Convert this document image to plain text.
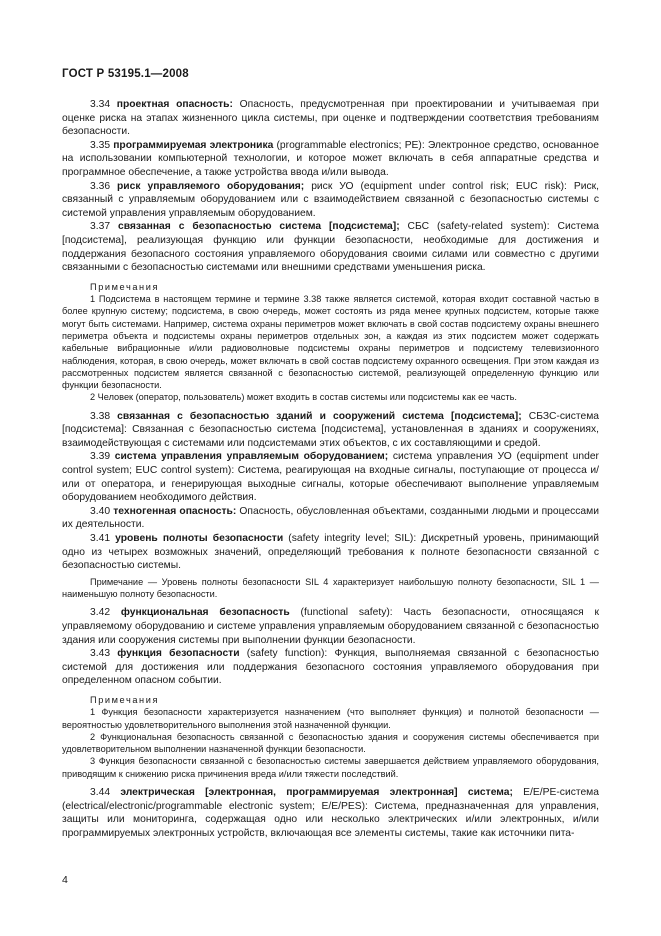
ГОСТ Р 53195.1—2008

3.34 проектная опасность: Опасность, предусмотренная при проектировании и учитываемая при оценке риска на этапах жизненного цикла системы, при оценке и подтверждении соответствия требованиям безопасности.

3.35 программируемая электроника (programmable electronics; PE): Электронное средство, основанное на использовании компьютерной технологии, и которое может включать в себя аппаратные средства и программное обеспечение, а также устройства ввода и/или вывода.

3.36 риск управляемого оборудования; риск УО (equipment under control risk; EUC risk): Риск, связанный с управляемым оборудованием или с взаимодействием связанной с безопасностью системы с системой управления управляемым оборудованием.

3.37 связанная с безопасностью система [подсистема]; СБС (safety-related system): Система [подсистема], реализующая функцию или функции безопасности, необходимые для достижения и поддержания безопасного состояния управляемого оборудования своими силами или совместно с другими связанными с безопасностью системами или внешними средствами уменьшения риска.

Примечания

1 Подсистема в настоящем термине и термине 3.38 также является системой, которая входит составной частью в более крупную систему; подсистема, в свою очередь, может состоять из ряда менее крупных подсистем, которые также могут быть системами. Например, система охраны периметров может включать в свой состав подсистему охраны внешнего периметра объекта и подсистемы охраны периметров отдельных зон, а каждая из этих подсистем может содержать кабельные вибрационные и/или радиоволновые подсистемы охраны периметров и подсистему телевизионного наблюдения, которая, в свою очередь, может включать в свой состав подсистему охранного освещения. При этом каждая из рассмотренных подсистем является связанной с безопасностью системой, реализующей определенную функцию или функции безопасности.

2 Человек (оператор, пользователь) может входить в состав системы или подсистемы как ее часть.

3.38 связанная с безопасностью зданий и сооружений система [подсистема]; СБЗС-система [подсистема]: Связанная с безопасностью система [подсистема], установленная в зданиях и сооружениях, взаимодействующая с системами или подсистемами этих объектов, с их составляющими и средой.

3.39 система управления управляемым оборудованием; система управления УО (equipment under control system; EUC control system): Система, реагирующая на входные сигналы, поступающие от процесса и/или от оператора, и генерирующая выходные сигналы, которые обеспечивают выполнение управляемым оборудованием необходимого действия.

3.40 техногенная опасность: Опасность, обусловленная объектами, созданными людьми и процессами их деятельности.

3.41 уровень полноты безопасности (safety integrity level; SIL): Дискретный уровень, принимающий одно из четырех возможных значений, определяющий требования к полноте безопасности связанной с безопасностью системы.

Примечание — Уровень полноты безопасности SIL 4 характеризует наибольшую полноту безопасности, SIL 1 — наименьшую полноту безопасности.

3.42 функциональная безопасность (functional safety): Часть безопасности, относящаяся к управляемому оборудованию и системе управления управляемым оборудованием связанной с безопасностью здания или сооружения системы при выполнении функции безопасности.

3.43 функция безопасности (safety function): Функция, выполняемая связанной с безопасностью системой для достижения или поддержания безопасного состояния управляемого оборудования при определенном опасном событии.

Примечания

1 Функция безопасности характеризуется назначением (что выполняет функция) и полнотой безопасности — вероятностью удовлетворительного выполнения этой назначенной функции.

2 Функциональная безопасность связанной с безопасностью здания и сооружения системы обеспечивается при удовлетворительном выполнении назначенной функции безопасности.

3 Функция безопасности связанной с безопасностью системы завершается действием управляемого оборудования, приводящим к снижению риска причинения вреда и/или тяжести последствий.

3.44 электрическая [электронная, программируемая электронная] система; E/E/PE-система (electrical/electronic/programmable electronic system; E/E/PES): Система, предназначенная для управления, защиты или мониторинга, содержащая одно или несколько электрических и/или электронных, и/или программируемых электронных устройств, включающая все элементы системы, такие как источники пита-

4
